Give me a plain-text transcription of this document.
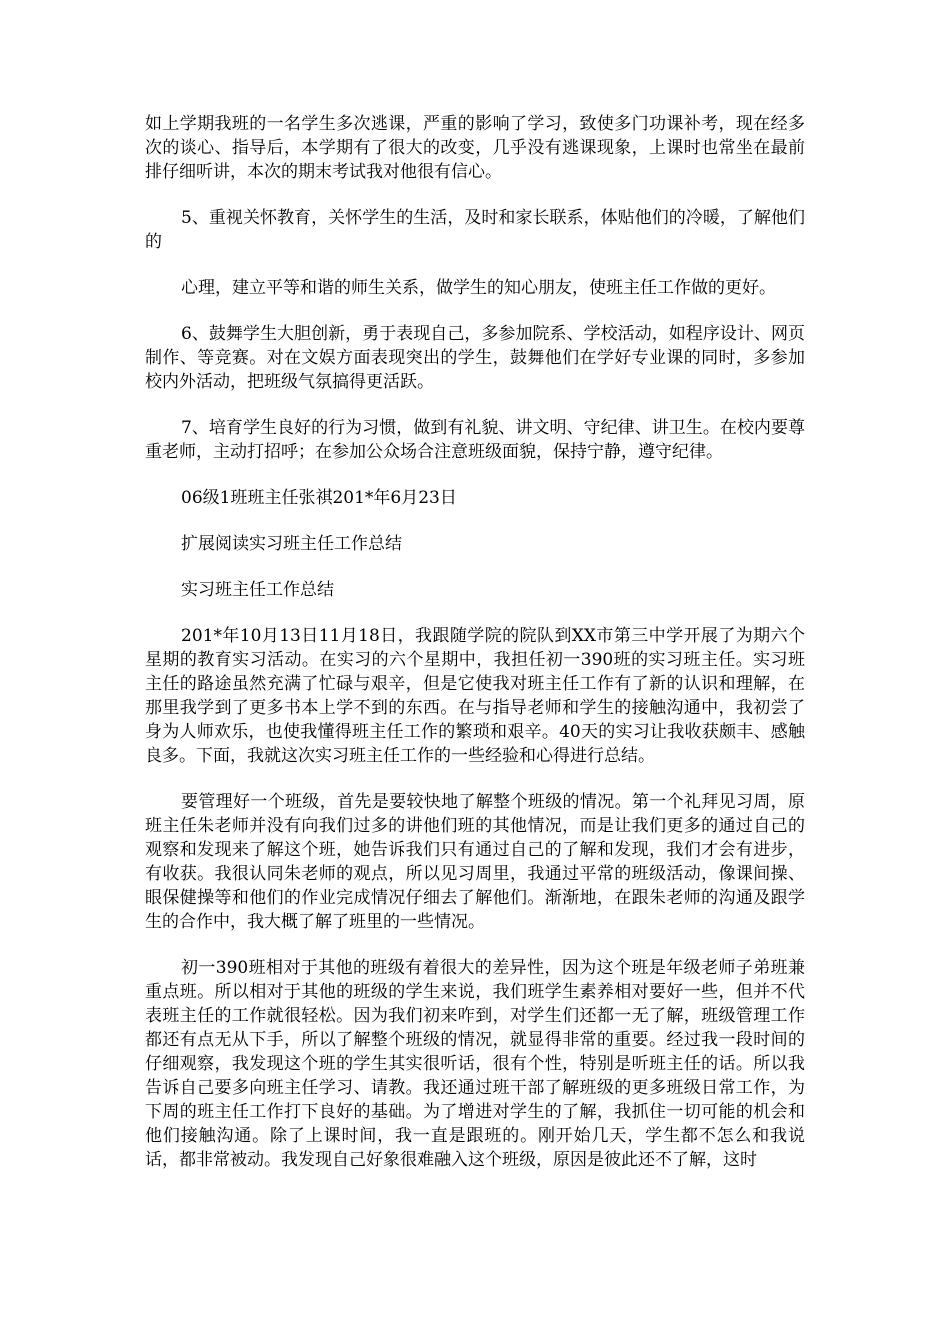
如上学期我班的一名学生多次逃课，严重的影响了学习，致使多门功课补考，现在经多次的谈心、指导后，本学期有了很大的改变，几乎没有逃课现象，上课时也常坐在最前排仔细听讲，本次的期末考试我对他很有信心。

5、重视关怀教育，关怀学生的生活，及时和家长联系，体贴他们的冷暖，了解他们的

心理，建立平等和谐的师生关系，做学生的知心朋友，使班主任工作做的更好。

6、鼓舞学生大胆创新，勇于表现自己，多参加院系、学校活动，如程序设计、网页制作、等竞赛。对在文娱方面表现突出的学生，鼓舞他们在学好专业课的同时，多参加校内外活动，把班级气氛搞得更活跃。

7、培育学生良好的行为习惯，做到有礼貌、讲文明、守纪律、讲卫生。在校内要尊重老师，主动打招呼；在参加公众场合注意班级面貌，保持宁静，遵守纪律。

06级1班班主任张祺201*年6月23日

扩展阅读实习班主任工作总结

实习班主任工作总结

201*年10月13日11月18日，我跟随学院的院队到XX市第三中学开展了为期六个星期的教育实习活动。在实习的六个星期中，我担任初一390班的实习班主任。实习班主任的路途虽然充满了忙碌与艰辛，但是它使我对班主任工作有了新的认识和理解，在那里我学到了更多书本上学不到的东西。在与指导老师和学生的接触沟通中，我初尝了身为人师欢乐，也使我懂得班主任工作的繁琐和艰辛。40天的实习让我收获颇丰、感触良多。下面，我就这次实习班主任工作的一些经验和心得进行总结。

要管理好一个班级，首先是要较快地了解整个班级的情况。第一个礼拜见习周，原班主任朱老师并没有向我们过多的讲他们班的其他情况，而是让我们更多的通过自己的观察和发现来了解这个班，她告诉我们只有通过自己的了解和发现，我们才会有进步，有收获。我很认同朱老师的观点，所以见习周里，我通过平常的班级活动，像课间操、眼保健操等和他们的作业完成情况仔细去了解他们。渐渐地，在跟朱老师的沟通及跟学生的合作中，我大概了解了班里的一些情况。

初一390班相对于其他的班级有着很大的差异性，因为这个班是年级老师子弟班兼重点班。所以相对于其他的班级的学生来说，我们班学生素养相对要好一些，但并不代表班主任的工作就很轻松。因为我们初来咋到，对学生们还都一无了解，班级管理工作都还有点无从下手，所以了解整个班级的情况，就显得非常的重要。经过我一段时间的仔细观察，我发现这个班的学生其实很听话，很有个性，特别是听班主任的话。所以我告诉自己要多向班主任学习、请教。我还通过班干部了解班级的更多班级日常工作，为下周的班主任工作打下良好的基础。为了增进对学生的了解，我抓住一切可能的机会和他们接触沟通。除了上课时间，我一直是跟班的。刚开始几天，学生都不怎么和我说话，都非常被动。我发现自己好象很难融入这个班级，原因是彼此还不了解，这时
